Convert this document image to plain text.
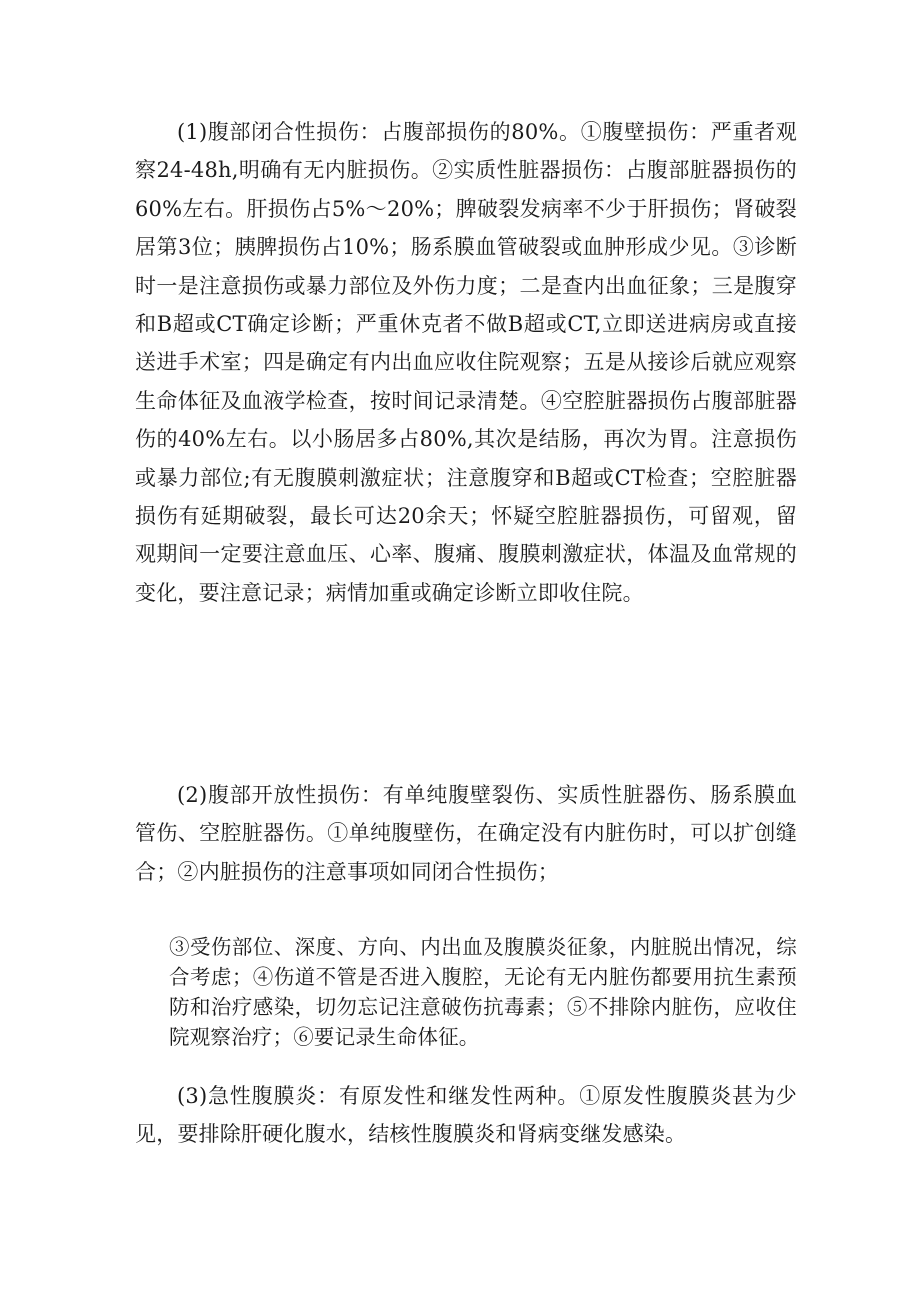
(1)腹部闭合性损伤：占腹部损伤的80%。①腹壁损伤：严重者观察24-48h,明确有无内脏损伤。②实质性脏器损伤：占腹部脏器损伤的60%左右。肝损伤占5%～20%；脾破裂发病率不少于肝损伤；肾破裂居第3位；胰脾损伤占10%；肠系膜血管破裂或血肿形成少见。③诊断时一是注意损伤或暴力部位及外伤力度；二是查内出血征象；三是腹穿和B超或CT确定诊断；严重休克者不做B超或CT,立即送进病房或直接送进手术室；四是确定有内出血应收住院观察；五是从接诊后就应观察生命体征及血液学检查，按时间记录清楚。④空腔脏器损伤占腹部脏器伤的40%左右。以小肠居多占80%,其次是结肠，再次为胃。注意损伤或暴力部位;有无腹膜刺激症状；注意腹穿和B超或CT检查；空腔脏器损伤有延期破裂，最长可达20余天；怀疑空腔脏器损伤，可留观，留观期间一定要注意血压、心率、腹痛、腹膜刺激症状，体温及血常规的变化，要注意记录；病情加重或确定诊断立即收住院。

(2)腹部开放性损伤：有单纯腹壁裂伤、实质性脏器伤、肠系膜血管伤、空腔脏器伤。①单纯腹壁伤，在确定没有内脏伤时，可以扩创缝合；②内脏损伤的注意事项如同闭合性损伤；

③受伤部位、深度、方向、内出血及腹膜炎征象，内脏脱出情况，综合考虑；④伤道不管是否进入腹腔，无论有无内脏伤都要用抗生素预防和治疗感染，切勿忘记注意破伤抗毒素；⑤不排除内脏伤，应收住院观察治疗；⑥要记录生命体征。

(3)急性腹膜炎：有原发性和继发性两种。①原发性腹膜炎甚为少见，要排除肝硬化腹水，结核性腹膜炎和肾病变继发感染。
